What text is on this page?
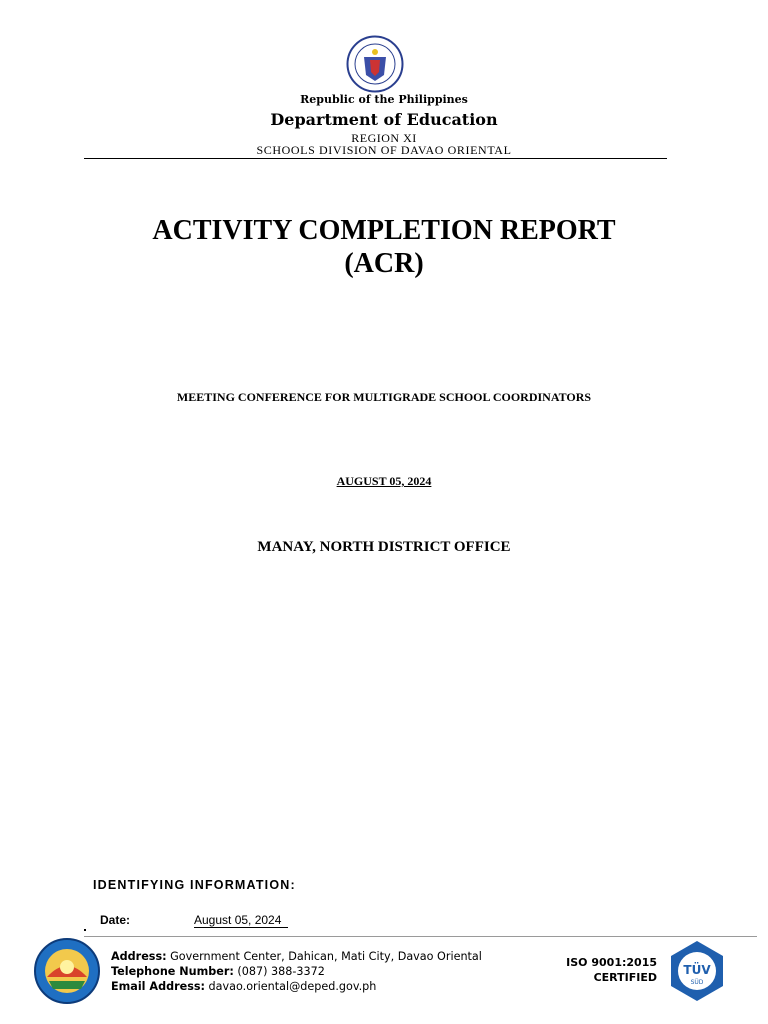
Republic of the Philippines
Department of Education
REGION XI
SCHOOLS DIVISION OF DAVAO ORIENTAL
ACTIVITY COMPLETION REPORT
(ACR)
MEETING CONFERENCE FOR MULTIGRADE SCHOOL COORDINATORS
AUGUST 05, 2024
MANAY, NORTH DISTRICT OFFICE
IDENTIFYING INFORMATION:
Date:	August 05, 2024
Address: Government Center, Dahican, Mati City, Davao Oriental
Telephone Number: (087) 388-3372
Email Address: davao.oriental@deped.gov.ph
ISO 9001:2015
CERTIFIED
TÜV
SÜD
